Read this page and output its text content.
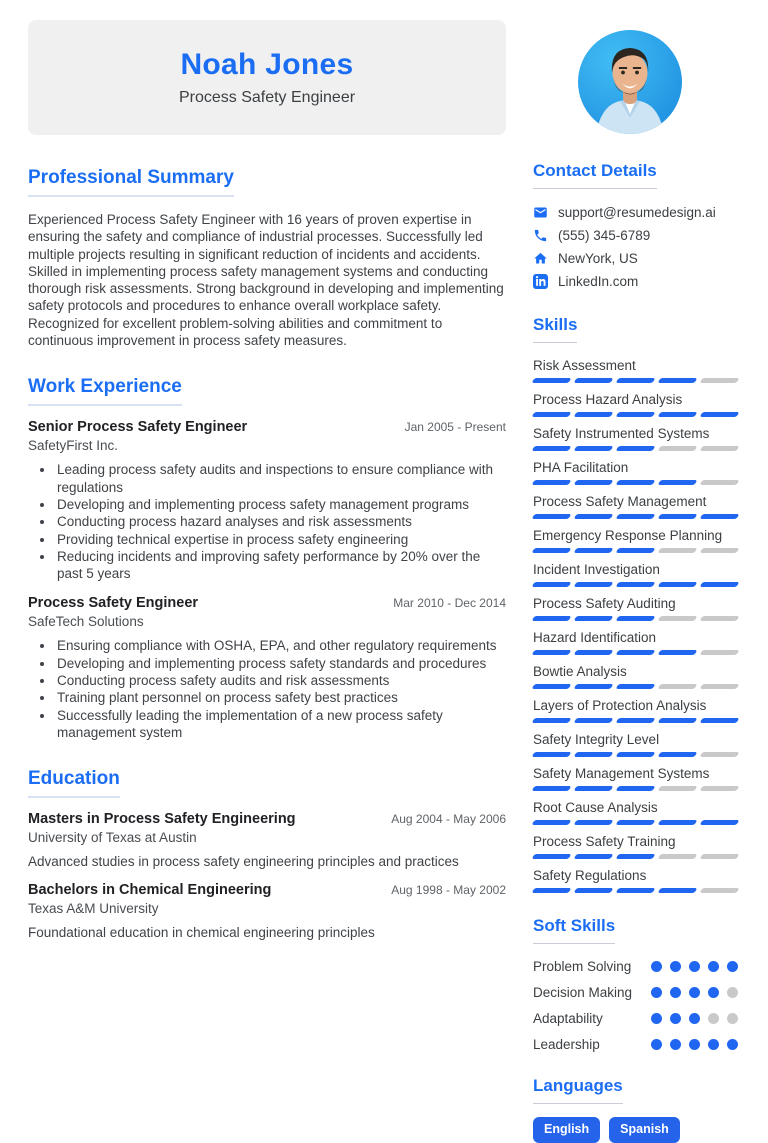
Noah Jones
Process Safety Engineer
Professional Summary

Experienced Process Safety Engineer with 16 years of proven expertise in ensuring the safety and compliance of industrial processes. Successfully led multiple projects resulting in significant reduction of incidents and accidents. Skilled in implementing process safety management systems and conducting thorough risk assessments. Strong background in developing and implementing safety protocols and procedures to enhance overall workplace safety. Recognized for excellent problem-solving abilities and commitment to continuous improvement in process safety measures.

Work Experience
Senior Process Safety Engineer	Jan 2005 - Present
SafetyFirst Inc.
• Leading process safety audits and inspections to ensure compliance with regulations
• Developing and implementing process safety management programs
• Conducting process hazard analyses and risk assessments
• Providing technical expertise in process safety engineering
• Reducing incidents and improving safety performance by 20% over the past 5 years
Process Safety Engineer	Mar 2010 - Dec 2014
SafeTech Solutions
• Ensuring compliance with OSHA, EPA, and other regulatory requirements
• Developing and implementing process safety standards and procedures
• Conducting process safety audits and risk assessments
• Training plant personnel on process safety best practices
• Successfully leading the implementation of a new process safety management system
Education
Masters in Process Safety Engineering	Aug 2004 - May 2006
University of Texas at Austin
Advanced studies in process safety engineering principles and practices
Bachelors in Chemical Engineering	Aug 1998 - May 2002
Texas A&M University
Foundational education in chemical engineering principles
Contact Details
support@resumedesign.ai
(555) 345-6789
NewYork, US
LinkedIn.com
Skills
Risk Assessment
Process Hazard Analysis
Safety Instrumented Systems
PHA Facilitation
Process Safety Management
Emergency Response Planning
Incident Investigation
Process Safety Auditing
Hazard Identification
Bowtie Analysis
Layers of Protection Analysis
Safety Integrity Level
Safety Management Systems
Root Cause Analysis
Process Safety Training
Safety Regulations
Soft Skills
Problem Solving
Decision Making
Adaptability
Leadership
Languages
English	Spanish
